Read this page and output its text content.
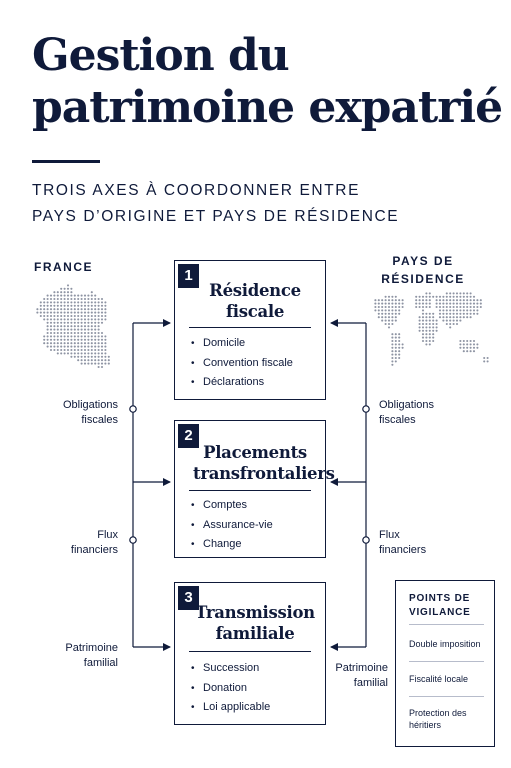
Gestion du
patrimoine expatrié
TROIS AXES À COORDONNER ENTRE
PAYS D’ORIGINE ET PAYS DE RÉSIDENCE
FRANCE	PAYS DE
RÉSIDENCE
Obligations
fiscales
Flux
financiers
Patrimoine
familial
Obligations
fiscales
Flux
financiers
Patrimoine
familial
1
Résidence
fiscale
• Domicile
• Convention fiscale
• Déclarations
2
Placements
transfrontaliers
• Comptes
• Assurance-vie
• Change
3
Transmission
familiale
• Succession
• Donation
• Loi applicable
POINTS DE
VIGILANCE
Double imposition
Fiscalité locale
Protection des héritiers
